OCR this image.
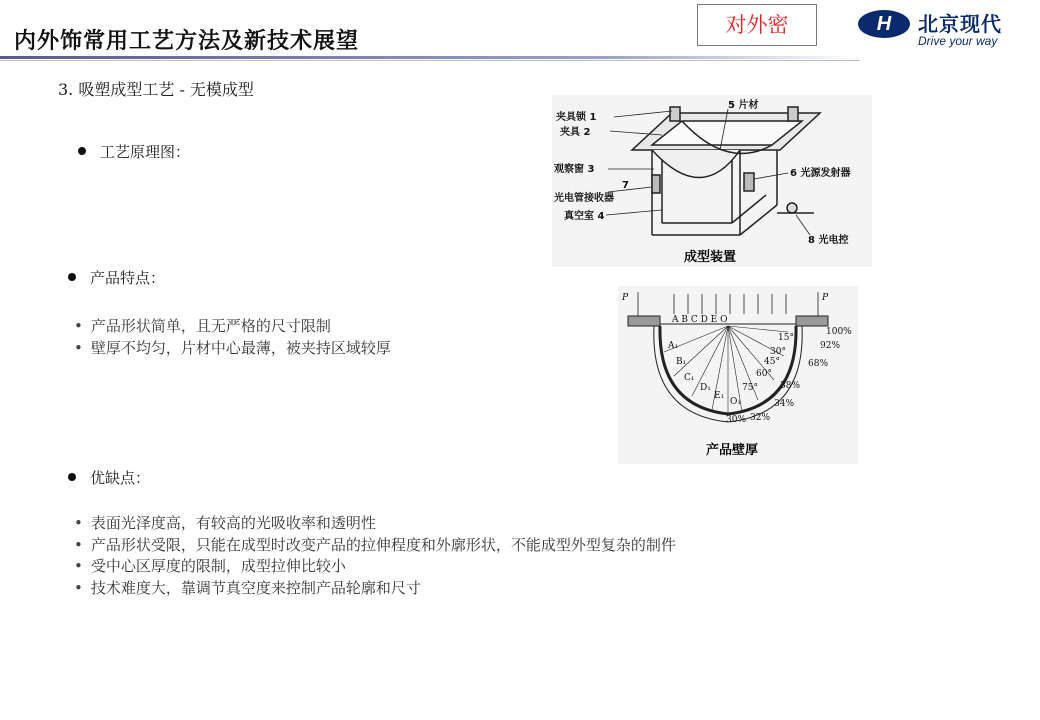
内外饰常用工艺方法及新技术展望
对外密	H	北京现代
Drive your way
3. 吸塑成型工艺 - 无模成型
工艺原理图：
产品特点：
• 产品形状简单，且无严格的尺寸限制
• 壁厚不均匀，片材中心最薄，被夹持区域较厚
优缺点：
• 表面光泽度高，有较高的光吸收率和透明性
• 产品形状受限，只能在成型时改变产品的拉伸程度和外廓形状，不能成型外型复杂的制件
• 受中心区厚度的限制，成型拉伸比较小
• 技术难度大，靠调节真空度来控制产品轮廓和尺寸
夹具锁 1
夹具 2
5 片材
观察窗 3	6 光源发射器
7
光电管接收器
真空室 4
8 光电控
成型装置
P	P
A B C D E O
A₁
B₁
C₁
D₁
E₁
O₁
15°
30°
45°
60°
75°
100%
92%
68%
38%
34%
32%
30%
产品壁厚
